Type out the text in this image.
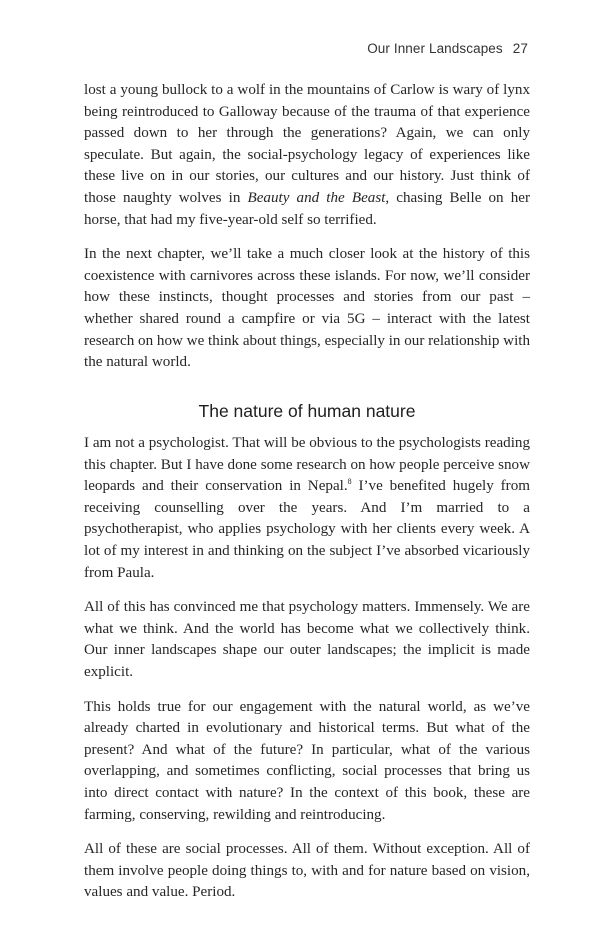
Our Inner Landscapes 27

lost a young bullock to a wolf in the mountains of Carlow is wary of lynx being reintroduced to Galloway because of the trauma of that experience passed down to her through the generations? Again, we can only speculate. But again, the social-psychology legacy of experiences like these live on in our stories, our cultures and our history. Just think of those naughty wolves in Beauty and the Beast, chasing Belle on her horse, that had my five-year-old self so terrified.

In the next chapter, we’ll take a much closer look at the history of this coexistence with carnivores across these islands. For now, we’ll consider how these instincts, thought processes and stories from our past – whether shared round a campfire or via 5G – interact with the latest research on how we think about things, especially in our relationship with the natural world.

The nature of human nature

I am not a psychologist. That will be obvious to the psychologists reading this chapter. But I have done some research on how people perceive snow leopards and their conservation in Nepal.$^8$ I’ve benefited hugely from receiving counselling over the years. And I’m married to a psychotherapist, who applies psychology with her clients every week. A lot of my interest in and thinking on the subject I’ve absorbed vicariously from Paula.

All of this has convinced me that psychology matters. Immensely. We are what we think. And the world has become what we collectively think. Our inner landscapes shape our outer landscapes; the implicit is made explicit.

This holds true for our engagement with the natural world, as we’ve already charted in evolutionary and historical terms. But what of the present? And what of the future? In particular, what of the various overlapping, and sometimes conflicting, social processes that bring us into direct contact with nature? In the context of this book, these are farming, conserving, rewilding and reintroducing.

All of these are social processes. All of them. Without exception. All of them involve people doing things to, with and for nature based on vision, values and value. Period.
